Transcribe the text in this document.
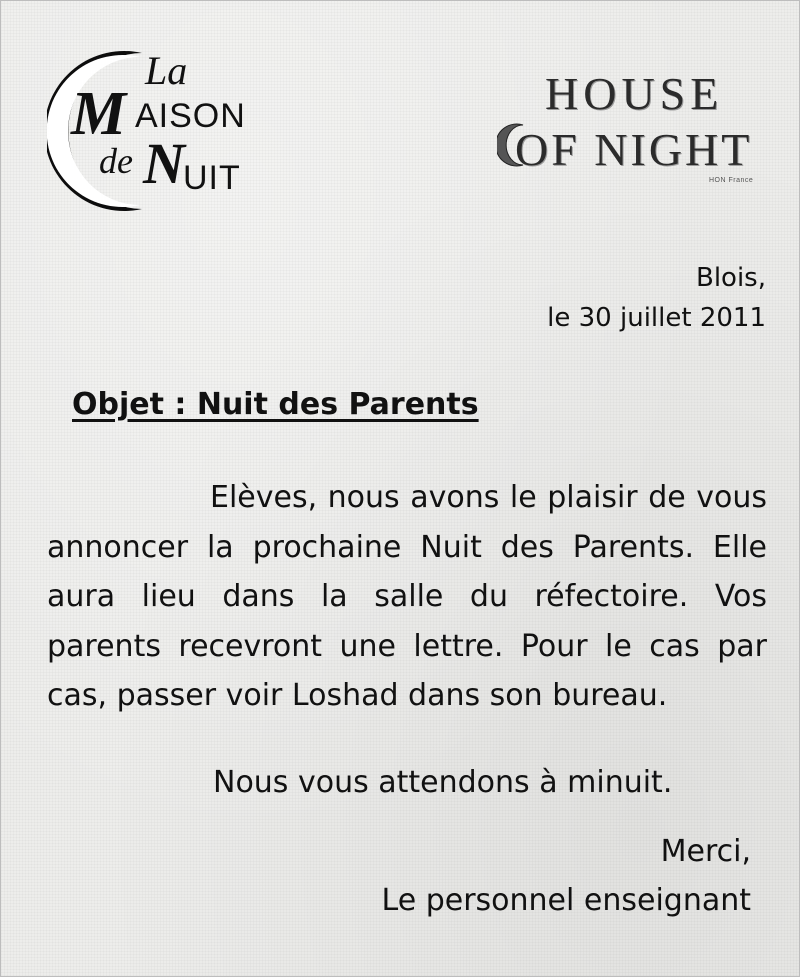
La
M AISON
de N
UIT
HOUSE
OF NIGHT
HON France
Blois,
le 30 juillet 2011
Objet : Nuit des Parents
Elèves, nous avons le plaisir de vous annoncer la prochaine Nuit des Parents. Elle aura lieu dans la salle du réfectoire. Vos parents recevront une lettre. Pour le cas par cas, passer voir Loshad dans son bureau.
Nous vous attendons à minuit.
Merci,
Le personnel enseignant
